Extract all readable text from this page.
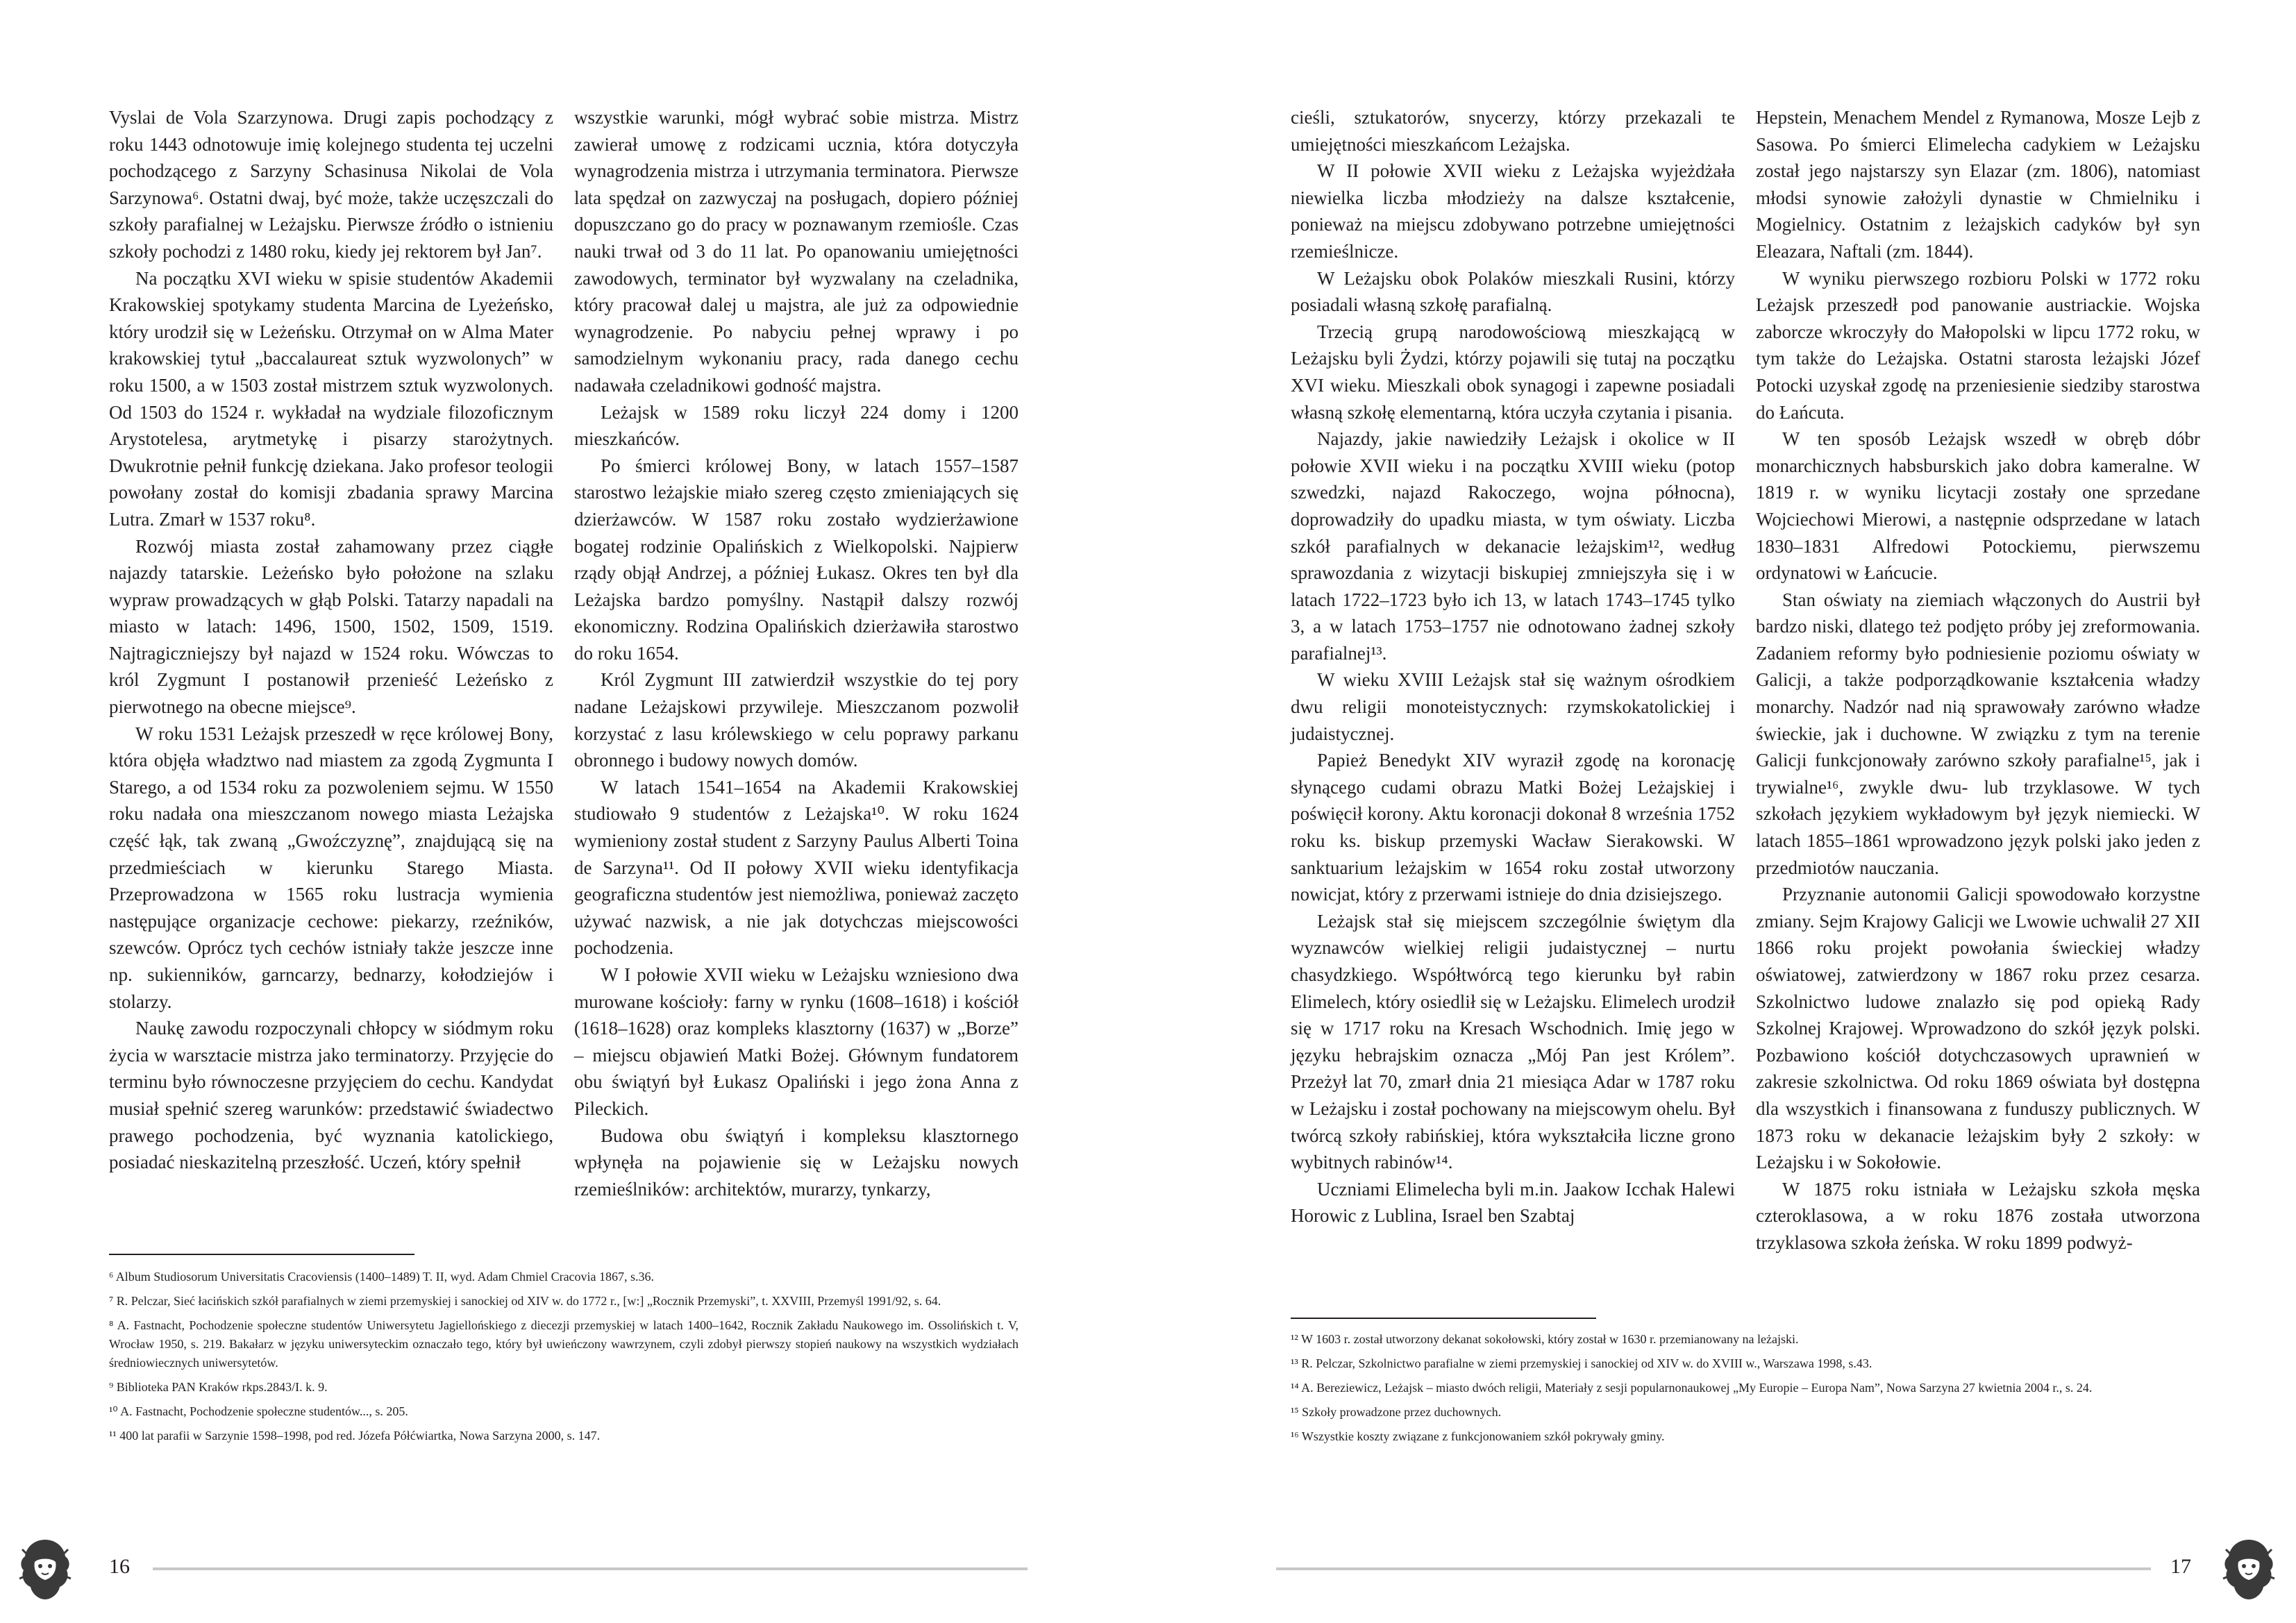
Vyslai de Vola Szarzynowa. Drugi zapis pochodzący z roku 1443 odnotowuje imię kolejnego studenta tej uczelni pochodzącego z Sarzyny Schasinusa Nikolai de Vola Sarzynowa⁶. Ostatni dwaj, być może, także uczęszczali do szkoły parafialnej w Leżajsku. Pierwsze źródło o istnieniu szkoły pochodzi z 1480 roku, kiedy jej rektorem był Jan⁷.

Na początku XVI wieku w spisie studentów Akademii Krakowskiej spotykamy studenta Marcina de Lyeżeńsko, który urodził się w Leżeńsku. Otrzymał on w Alma Mater krakowskiej tytuł „baccalaureat sztuk wyzwolonych” w roku 1500, a w 1503 został mistrzem sztuk wyzwolonych. Od 1503 do 1524 r. wykładał na wydziale filozoficznym Arystotelesa, arytmetykę i pisarzy starożytnych. Dwukrotnie pełnił funkcję dziekana. Jako profesor teologii powołany został do komisji zbadania sprawy Marcina Lutra. Zmarł w 1537 roku⁸.

Rozwój miasta został zahamowany przez ciągłe najazdy tatarskie. Leżeńsko było położone na szlaku wypraw prowadzących w głąb Polski. Tatarzy napadali na miasto w latach: 1496, 1500, 1502, 1509, 1519. Najtragiczniejszy był najazd w 1524 roku. Wówczas to król Zygmunt I postanowił przenieść Leżeńsko z pierwotnego na obecne miejsce⁹.

W roku 1531 Leżajsk przeszedł w ręce królowej Bony, która objęła władztwo nad miastem za zgodą Zygmunta I Starego, a od 1534 roku za pozwoleniem sejmu. W 1550 roku nadała ona mieszczanom nowego miasta Leżajska część łąk, tak zwaną „Gwoźczyznę”, znajdującą się na przedmieściach w kierunku Starego Miasta. Przeprowadzona w 1565 roku lustracja wymienia następujące organizacje cechowe: piekarzy, rzeźników, szewców. Oprócz tych cechów istniały także jeszcze inne np. sukienników, garncarzy, bednarzy, kołodziejów i stolarzy.

Naukę zawodu rozpoczynali chłopcy w siódmym roku życia w warsztacie mistrza jako terminatorzy. Przyjęcie do terminu było równoczesne przyjęciem do cechu. Kandydat musiał spełnić szereg warunków: przedstawić świadectwo prawego pochodzenia, być wyznania katolickiego, posiadać nieskazitelną przeszłość. Uczeń, który spełnił

wszystkie warunki, mógł wybrać sobie mistrza. Mistrz zawierał umowę z rodzicami ucznia, która dotyczyła wynagrodzenia mistrza i utrzymania terminatora. Pierwsze lata spędzał on zazwyczaj na posługach, dopiero później dopuszczano go do pracy w poznawanym rzemiośle. Czas nauki trwał od 3 do 11 lat. Po opanowaniu umiejętności zawodowych, terminator był wyzwalany na czeladnika, który pracował dalej u majstra, ale już za odpowiednie wynagrodzenie. Po nabyciu pełnej wprawy i po samodzielnym wykonaniu pracy, rada danego cechu nadawała czeladnikowi godność majstra.

Leżajsk w 1589 roku liczył 224 domy i 1200 mieszkańców.

Po śmierci królowej Bony, w latach 1557–1587 starostwo leżajskie miało szereg często zmieniających się dzierżawców. W 1587 roku zostało wydzierżawione bogatej rodzinie Opalińskich z Wielkopolski. Najpierw rządy objął Andrzej, a później Łukasz. Okres ten był dla Leżajska bardzo pomyślny. Nastąpił dalszy rozwój ekonomiczny. Rodzina Opalińskich dzierżawiła starostwo do roku 1654.

Król Zygmunt III zatwierdził wszystkie do tej pory nadane Leżajskowi przywileje. Mieszczanom pozwolił korzystać z lasu królewskiego w celu poprawy parkanu obronnego i budowy nowych domów.

W latach 1541–1654 na Akademii Krakowskiej studiowało 9 studentów z Leżajska¹⁰. W roku 1624 wymieniony został student z Sarzyny Paulus Alberti Toina de Sarzyna¹¹. Od II połowy XVII wieku identyfikacja geograficzna studentów jest niemożliwa, ponieważ zaczęto używać nazwisk, a nie jak dotychczas miejscowości pochodzenia.

W I połowie XVII wieku w Leżajsku wzniesiono dwa murowane kościoły: farny w rynku (1608–1618) i kościół (1618–1628) oraz kompleks klasztorny (1637) w „Borze” – miejscu objawień Matki Bożej. Głównym fundatorem obu świątyń był Łukasz Opaliński i jego żona Anna z Pileckich.

Budowa obu świątyń i kompleksu klasztornego wpłynęła na pojawienie się w Leżajsku nowych rzemieślników: architektów, murarzy, tynkarzy,

⁶ Album Studiosorum Universitatis Cracoviensis (1400–1489) T. II, wyd. Adam Chmiel Cracovia 1867, s.36.
⁷ R. Pelczar, Sieć łacińskich szkół parafialnych w ziemi przemyskiej i sanockiej od XIV w. do 1772 r., [w:] „Rocznik Przemyski”, t. XXVIII, Przemyśl 1991/92, s. 64.
⁸ A. Fastnacht, Pochodzenie społeczne studentów Uniwersytetu Jagiellońskiego z diecezji przemyskiej w latach 1400–1642, Rocznik Zakładu Naukowego im. Ossolińskich t. V, Wrocław 1950, s. 219. Bakałarz w języku uniwersyteckim oznaczało tego, który był uwieńczony wawrzynem, czyli zdobył pierwszy stopień naukowy na wszystkich wydziałach średniowiecznych uniwersytetów.
⁹ Biblioteka PAN Kraków rkps.2843/I. k. 9.
¹⁰ A. Fastnacht, Pochodzenie społeczne studentów..., s. 205.
¹¹ 400 lat parafii w Sarzynie 1598–1998, pod red. Józefa Półćwiartka, Nowa Sarzyna 2000, s. 147.
16

cieśli, sztukatorów, snycerzy, którzy przekazali te umiejętności mieszkańcom Leżajska.

W II połowie XVII wieku z Leżajska wyjeżdżała niewielka liczba młodzieży na dalsze kształcenie, ponieważ na miejscu zdobywano potrzebne umiejętności rzemieślnicze.

W Leżajsku obok Polaków mieszkali Rusini, którzy posiadali własną szkołę parafialną.

Trzecią grupą narodowościową mieszkającą w Leżajsku byli Żydzi, którzy pojawili się tutaj na początku XVI wieku. Mieszkali obok synagogi i zapewne posiadali własną szkołę elementarną, która uczyła czytania i pisania.

Najazdy, jakie nawiedziły Leżajsk i okolice w II połowie XVII wieku i na początku XVIII wieku (potop szwedzki, najazd Rakoczego, wojna północna), doprowadziły do upadku miasta, w tym oświaty. Liczba szkół parafialnych w dekanacie leżajskim¹², według sprawozdania z wizytacji biskupiej zmniejszyła się i w latach 1722–1723 było ich 13, w latach 1743–1745 tylko 3, a w latach 1753–1757 nie odnotowano żadnej szkoły parafialnej¹³.

W wieku XVIII Leżajsk stał się ważnym ośrodkiem dwu religii monoteistycznych: rzymskokatolickiej i judaistycznej.

Papież Benedykt XIV wyraził zgodę na koronację słynącego cudami obrazu Matki Bożej Leżajskiej i poświęcił korony. Aktu koronacji dokonał 8 września 1752 roku ks. biskup przemyski Wacław Sierakowski. W sanktuarium leżajskim w 1654 roku został utworzony nowicjat, który z przerwami istnieje do dnia dzisiejszego.

Leżajsk stał się miejscem szczególnie świętym dla wyznawców wielkiej religii judaistycznej – nurtu chasydzkiego. Współtwórcą tego kierunku był rabin Elimelech, który osiedlił się w Leżajsku. Elimelech urodził się w 1717 roku na Kresach Wschodnich. Imię jego w języku hebrajskim oznacza „Mój Pan jest Królem”. Przeżył lat 70, zmarł dnia 21 miesiąca Adar w 1787 roku w Leżajsku i został pochowany na miejscowym ohelu. Był twórcą szkoły rabińskiej, która wykształciła liczne grono wybitnych rabinów¹⁴.

Uczniami Elimelecha byli m.in. Jaakow Icchak Halewi Horowic z Lublina, Israel ben Szabtaj

Hepstein, Menachem Mendel z Rymanowa, Mosze Lejb z Sasowa. Po śmierci Elimelecha cadykiem w Leżajsku został jego najstarszy syn Elazar (zm. 1806), natomiast młodsi synowie założyli dynastie w Chmielniku i Mogielnicy. Ostatnim z leżajskich cadyków był syn Eleazara, Naftali (zm. 1844).

W wyniku pierwszego rozbioru Polski w 1772 roku Leżajsk przeszedł pod panowanie austriackie. Wojska zaborcze wkroczyły do Małopolski w lipcu 1772 roku, w tym także do Leżajska. Ostatni starosta leżajski Józef Potocki uzyskał zgodę na przeniesienie siedziby starostwa do Łańcuta.

W ten sposób Leżajsk wszedł w obręb dóbr monarchicznych habsburskich jako dobra kameralne. W 1819 r. w wyniku licytacji zostały one sprzedane Wojciechowi Mierowi, a następnie odsprzedane w latach 1830–1831 Alfredowi Potockiemu, pierwszemu ordynatowi w Łańcucie.

Stan oświaty na ziemiach włączonych do Austrii był bardzo niski, dlatego też podjęto próby jej zreformowania. Zadaniem reformy było podniesienie poziomu oświaty w Galicji, a także podporządkowanie kształcenia władzy monarchy. Nadzór nad nią sprawowały zarówno władze świeckie, jak i duchowne. W związku z tym na terenie Galicji funkcjonowały zarówno szkoły parafialne¹⁵, jak i trywialne¹⁶, zwykle dwu- lub trzyklasowe. W tych szkołach językiem wykładowym był język niemiecki. W latach 1855–1861 wprowadzono język polski jako jeden z przedmiotów nauczania.

Przyznanie autonomii Galicji spowodowało korzystne zmiany. Sejm Krajowy Galicji we Lwowie uchwalił 27 XII 1866 roku projekt powołania świeckiej władzy oświatowej, zatwierdzony w 1867 roku przez cesarza. Szkolnictwo ludowe znalazło się pod opieką Rady Szkolnej Krajowej. Wprowadzono do szkół język polski. Pozbawiono kościół dotychczasowych uprawnień w zakresie szkolnictwa. Od roku 1869 oświata był dostępna dla wszystkich i finansowana z funduszy publicznych. W 1873 roku w dekanacie leżajskim były 2 szkoły: w Leżajsku i w Sokołowie.

W 1875 roku istniała w Leżajsku szkoła męska czteroklasowa, a w roku 1876 została utworzona trzyklasowa szkoła żeńska. W roku 1899 podwyż-

¹² W 1603 r. został utworzony dekanat sokołowski, który został w 1630 r. przemianowany na leżajski.
¹³ R. Pelczar, Szkolnictwo parafialne w ziemi przemyskiej i sanockiej od XIV w. do XVIII w., Warszawa 1998, s.43.
¹⁴ A. Bereziewicz, Leżajsk – miasto dwóch religii, Materiały z sesji popularnonaukowej „My Europie – Europa Nam”, Nowa Sarzyna 27 kwietnia 2004 r., s. 24.
¹⁵ Szkoły prowadzone przez duchownych.
¹⁶ Wszystkie koszty związane z funkcjonowaniem szkół pokrywały gminy.
17
